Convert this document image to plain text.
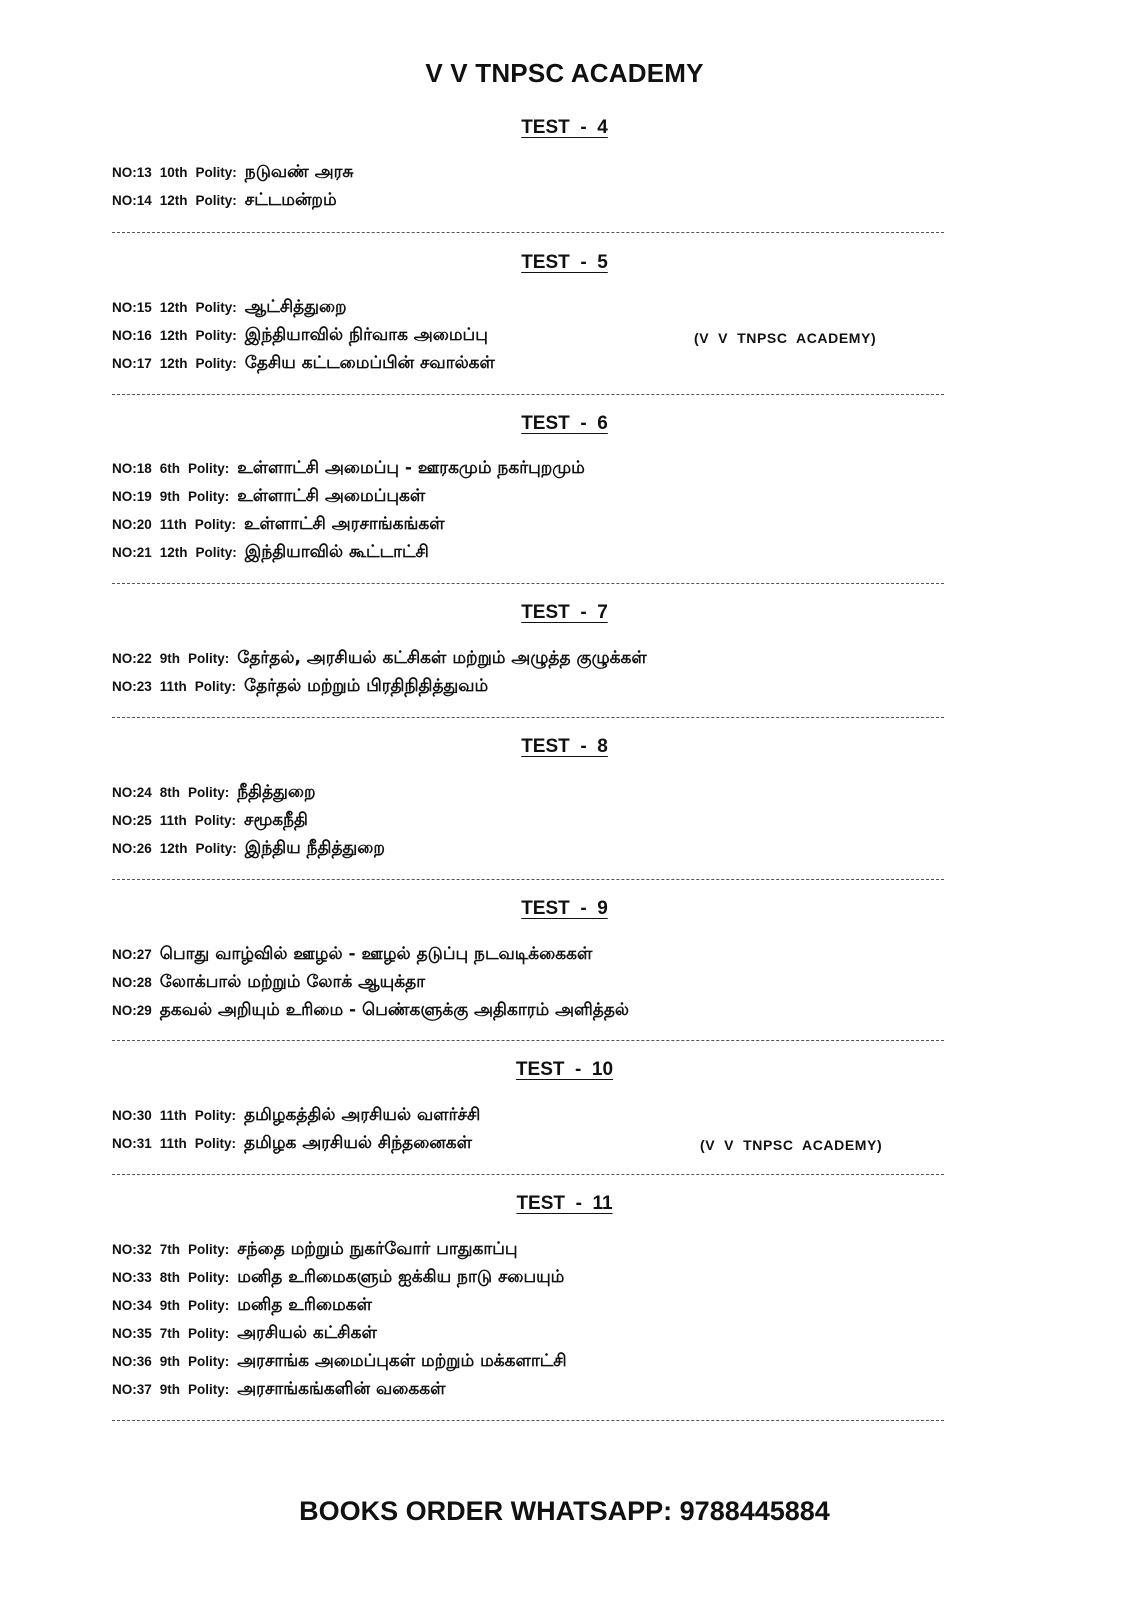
V V TNPSC ACADEMY
TEST  -  4
NO:13 10th Polity: நடுவண் அரசு
NO:14 12th Polity: சட்டமன்றம்
TEST  -  5
NO:15 12th Polity: ஆட்சித்துறை
NO:16 12th Polity: இந்தியாவில் நிர்வாக அமைப்பு	(V  V  TNPSC  ACADEMY)
NO:17 12th Polity: தேசிய கட்டமைப்பின் சவால்கள்
TEST  -  6
NO:18 6th Polity: உள்ளாட்சி அமைப்பு - ஊரகமும் நகர்புறமும்
NO:19 9th Polity: உள்ளாட்சி அமைப்புகள்
NO:20 11th Polity: உள்ளாட்சி அரசாங்கங்கள்
NO:21 12th Polity: இந்தியாவில் கூட்டாட்சி
TEST  -  7
NO:22 9th Polity: தேர்தல், அரசியல் கட்சிகள் மற்றும் அழுத்த குழுக்கள்
NO:23 11th Polity: தேர்தல் மற்றும் பிரதிநிதித்துவம்
TEST  -  8
NO:24 8th Polity: நீதித்துறை
NO:25 11th Polity: சமூகநீதி
NO:26 12th Polity: இந்திய நீதித்துறை
TEST  -  9
NO:27 பொது வாழ்வில் ஊழல் - ஊழல் தடுப்பு நடவடிக்கைகள்
NO:28 லோக்பால் மற்றும் லோக் ஆயுக்தா
NO:29 தகவல் அறியும் உரிமை - பெண்களுக்கு அதிகாரம் அளித்தல்
TEST  -  10
NO:30 11th Polity: தமிழகத்தில் அரசியல் வளர்ச்சி
NO:31 11th Polity: தமிழக அரசியல் சிந்தனைகள்	(V  V  TNPSC  ACADEMY)
TEST  -  11
NO:32 7th Polity: சந்தை மற்றும் நுகர்வோர் பாதுகாப்பு
NO:33 8th Polity: மனித உரிமைகளும் ஐக்கிய நாடு சபையும்
NO:34 9th Polity: மனித உரிமைகள்
NO:35 7th Polity: அரசியல் கட்சிகள்
NO:36 9th Polity: அரசாங்க அமைப்புகள் மற்றும் மக்களாட்சி
NO:37 9th Polity: அரசாங்கங்களின் வகைகள்
BOOKS ORDER WHATSAPP: 9788445884
